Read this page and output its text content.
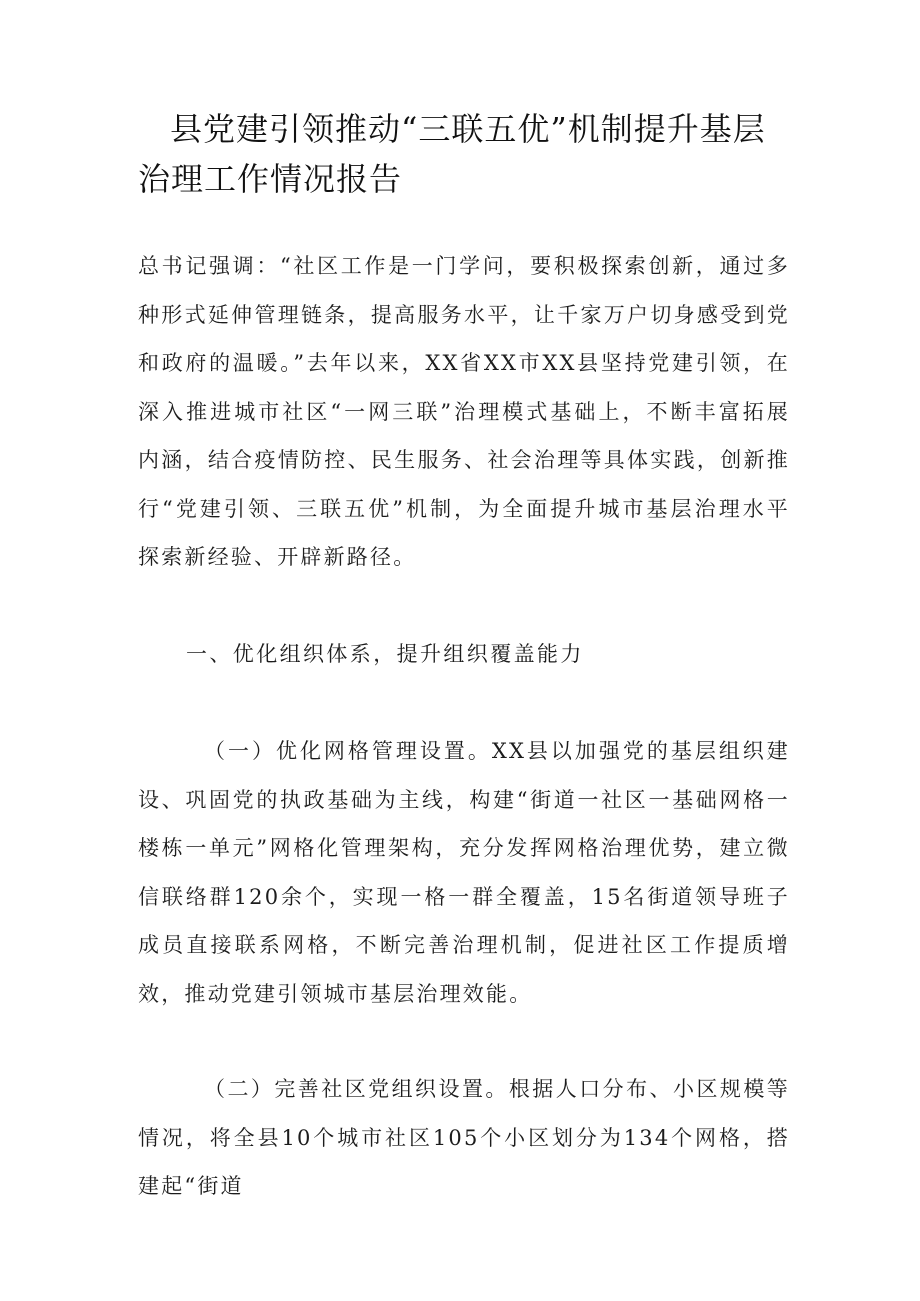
县党建引领推动“三联五优”机制提升基层治理工作情况报告

总书记强调：“社区工作是一门学问，要积极探索创新，通过多种形式延伸管理链条，提高服务水平，让千家万户切身感受到党和政府的温暖。”去年以来，XX省XX市XX县坚持党建引领，在深入推进城市社区“一网三联”治理模式基础上，不断丰富拓展内涵，结合疫情防控、民生服务、社会治理等具体实践，创新推行“党建引领、三联五优”机制，为全面提升城市基层治理水平探索新经验、开辟新路径。

一、优化组织体系，提升组织覆盖能力

（一）优化网格管理设置。XX县以加强党的基层组织建设、巩固党的执政基础为主线，构建“街道一社区一基础网格一楼栋一单元”网格化管理架构，充分发挥网格治理优势，建立微信联络群120余个，实现一格一群全覆盖，15名街道领导班子成员直接联系网格，不断完善治理机制，促进社区工作提质增效，推动党建引领城市基层治理效能。

（二）完善社区党组织设置。根据人口分布、小区规模等情况，将全县10个城市社区105个小区划分为134个网格，搭建起“街道
